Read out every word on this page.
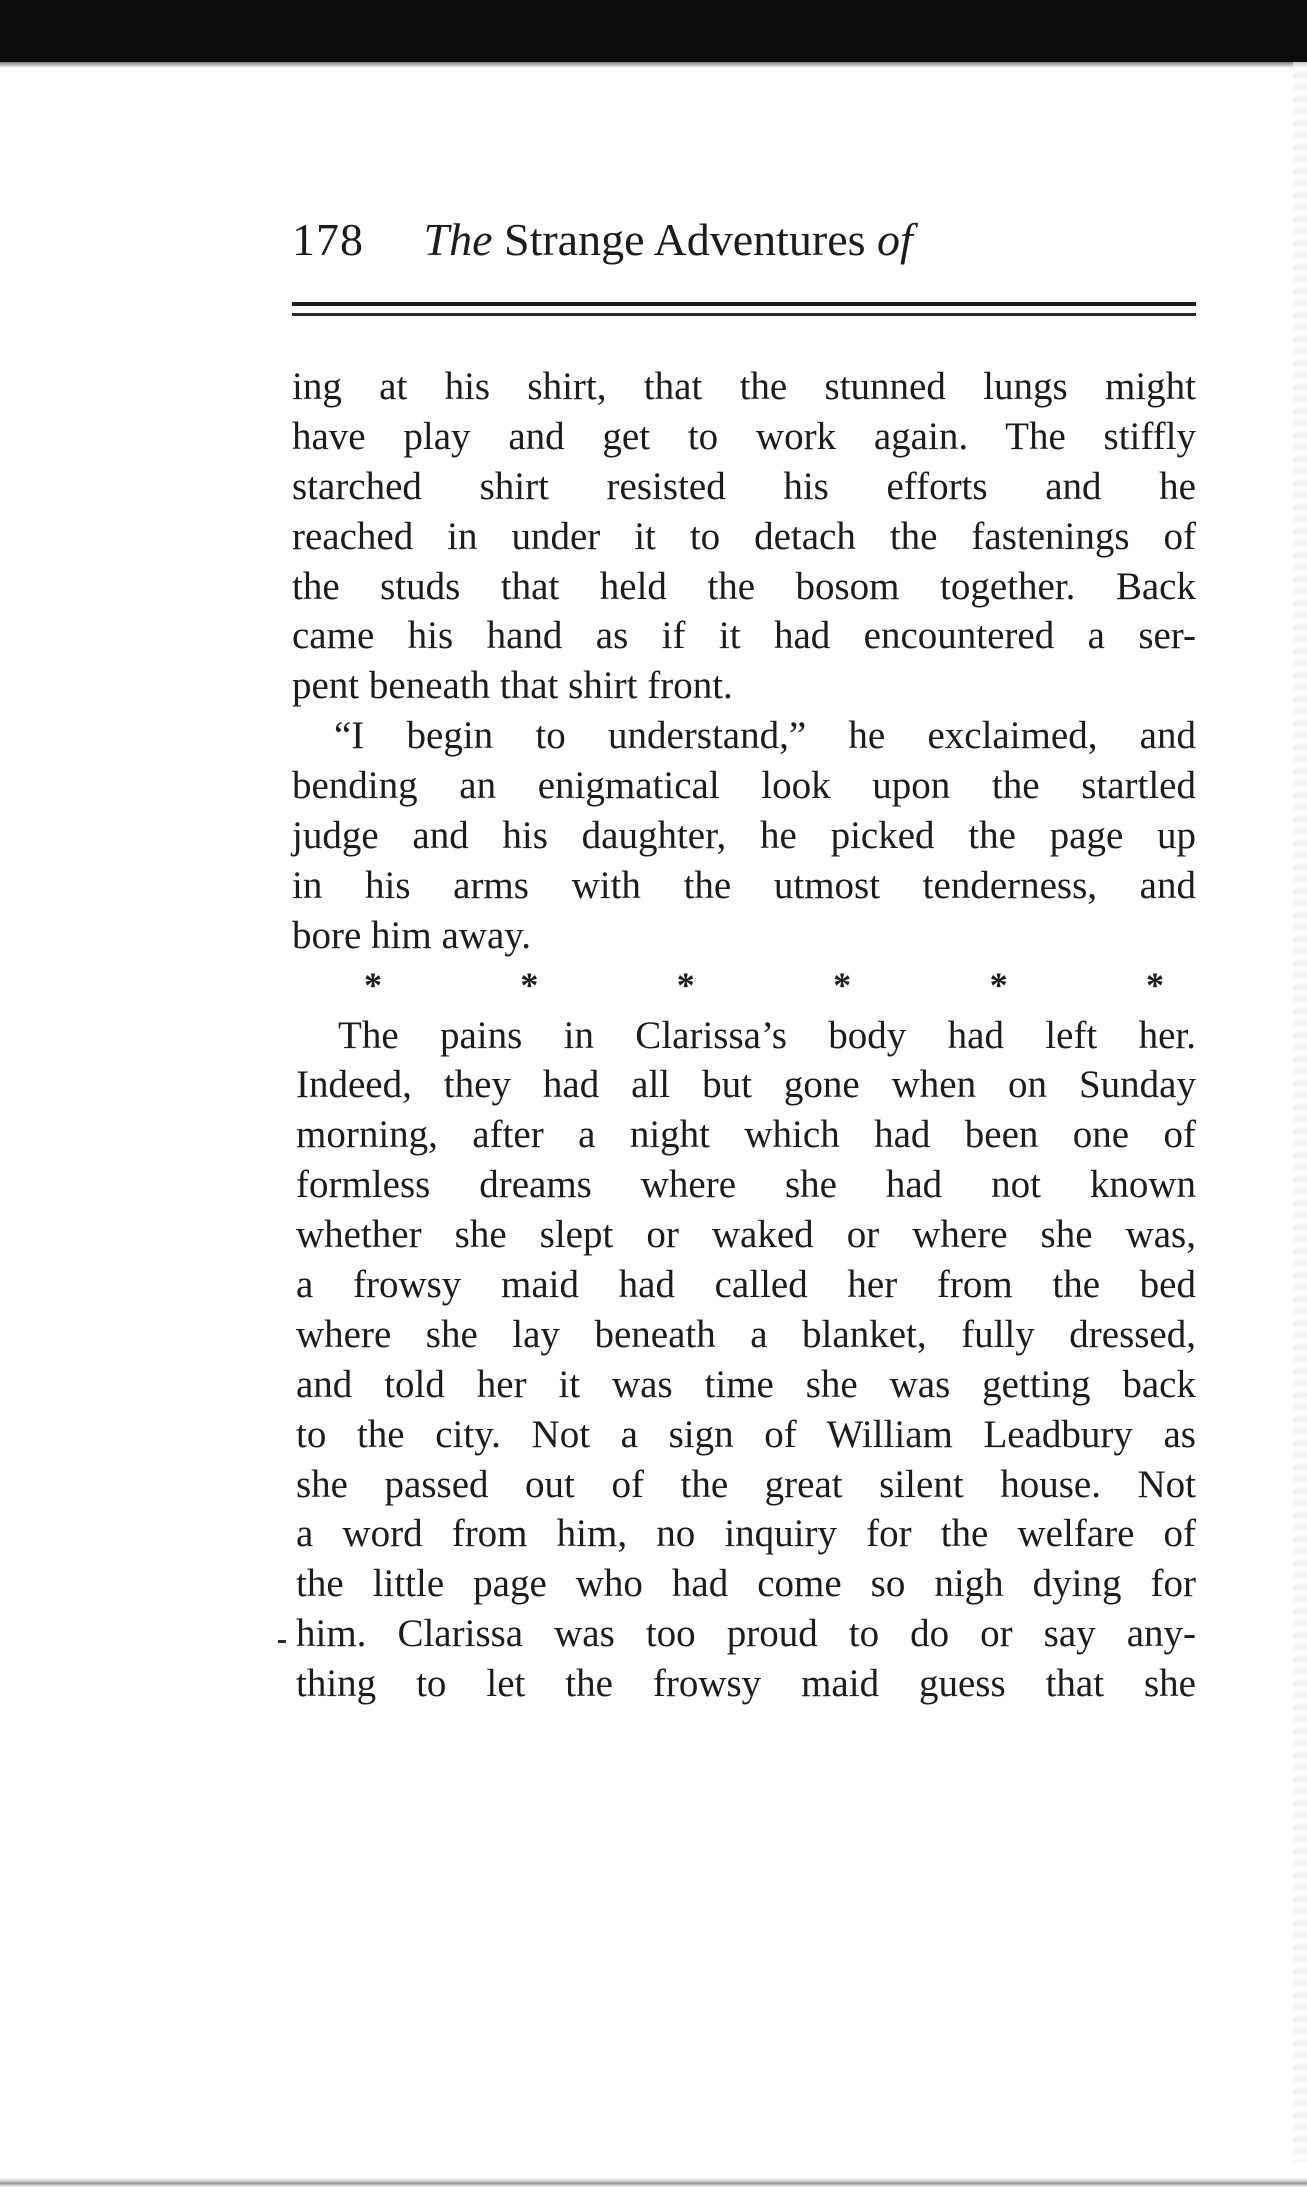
178 The Strange Adventures of
ing at his shirt, that the stunned lungs might
have play and get to work again. The stiffly
starched shirt resisted his efforts and he
reached in under it to detach the fastenings of
the studs that held the bosom together. Back
came his hand as if it had encountered a ser-
pent beneath that shirt front.
“I begin to understand,” he exclaimed, and
bending an enigmatical look upon the startled
judge and his daughter, he picked the page up
in his arms with the utmost tenderness, and
bore him away.
*	*	*	*	*	*
The pains in Clarissa’s body had left her.
Indeed, they had all but gone when on Sunday
morning, after a night which had been one of
formless dreams where she had not known
whether she slept or waked or where she was,
a frowsy maid had called her from the bed
where she lay beneath a blanket, fully dressed,
and told her it was time she was getting back
to the city. Not a sign of William Leadbury as
she passed out of the great silent house. Not
a word from him, no inquiry for the welfare of
the little page who had come so nigh dying for
him. Clarissa was too proud to do or say any-
thing to let the frowsy maid guess that she
